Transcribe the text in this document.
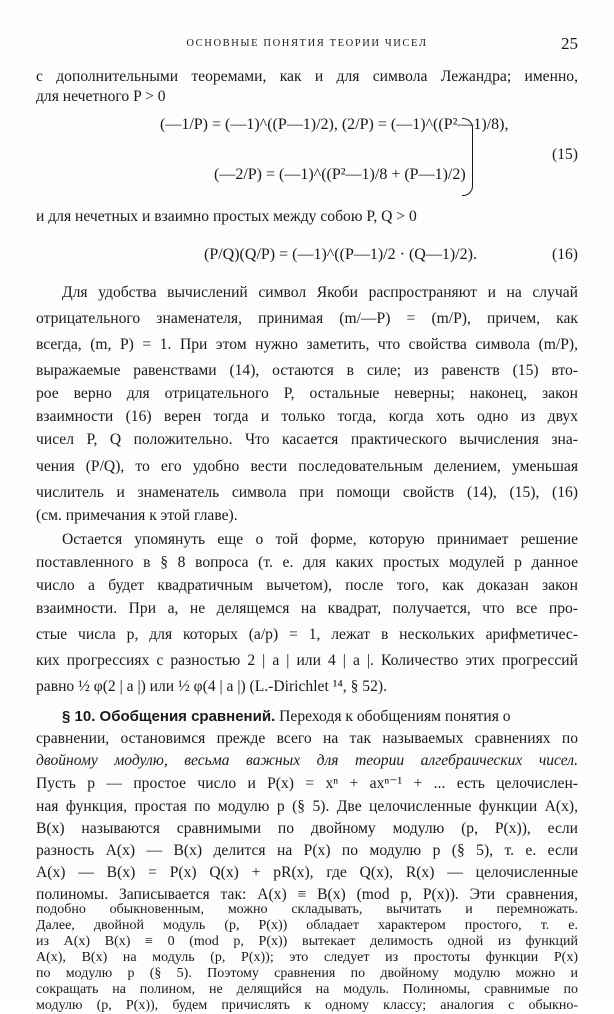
ОСНОВНЫЕ ПОНЯТИЯ ТЕОРИИ ЧИСЕЛ	25
с дополнительными теоремами, как и для символа Лежандра; именно,
для нечетного P > 0
(—1/P) = (—1)^((P—1)/2), (2/P) = (—1)^((P²—1)/8),
(—2/P) = (—1)^((P²—1)/8 + (P—1)/2)
(15)
и для нечетных и взаимно простых между собою P, Q > 0
(P/Q)(Q/P) = (—1)^((P—1)/2 · (Q—1)/2).	(16)
Для удобства вычислений символ Якоби распространяют и на случай
отрицательного знаменателя, принимая (m/—P) = (m/P), причем, как
всегда, (m, P) = 1. При этом нужно заметить, что свойства символа (m/P),
выражаемые равенствами (14), остаются в силе; из равенств (15) вто-
рое верно для отрицательного P, остальные неверны; наконец, закон
взаимности (16) верен тогда и только тогда, когда хоть одно из двух
чисел P, Q положительно. Что касается практического вычисления зна-
чения (P/Q), то его удобно вести последовательным делением, уменьшая
числитель и знаменатель символа при помощи свойств (14), (15), (16)
(см. примечания к этой главе).
Остается упомянуть еще о той форме, которую принимает решение
поставленного в § 8 вопроса (т. е. для каких простых модулей p данное
число a будет квадратичным вычетом), после того, как доказан закон
взаимности. При a, не делящемся на квадрат, получается, что все про-
стые числа p, для которых (a/p) = 1, лежат в нескольких арифметичес-
ких прогрессиях с разностью 2 | a | или 4 | a |. Количество этих прогрессий
равно ½ φ(2 | a |) или ½ φ(4 | a |) (L.-Dirichlet ¹⁴, § 52).
§ 10. Обобщения сравнений. Переходя к обобщениям понятия о
сравнении, остановимся прежде всего на так называемых сравнениях по
двойному модулю, весьма важных для теории алгебраических чисел.
Пусть p — простое число и P(x) = xⁿ + axⁿ⁻¹ + ... есть целочислен-
ная функция, простая по модулю p (§ 5). Две целочисленные функции A(x),
B(x) называются сравнимыми по двойному модулю (p, P(x)), если
разность A(x) — B(x) делится на P(x) по модулю p (§ 5), т. е. если
A(x) — B(x) = P(x) Q(x) + pR(x), где Q(x), R(x) — целочисленные
полиномы. Записывается так: A(x) ≡ B(x) (mod p, P(x)). Эти сравнения,
подобно обыкновенным, можно складывать, вычитать и перемножать.
Далее, двойной модуль (p, P(x)) обладает характером простого, т. е.
из A(x) B(x) ≡ 0 (mod p, P(x)) вытекает делимость одной из функций
A(x), B(x) на модуль (p, P(x)); это следует из простоты функции P(x)
по модулю p (§ 5). Поэтому сравнения по двойному модулю можно и
сокращать на полином, не делящийся на модуль. Полиномы, сравнимые по
модулю (p, P(x)), будем причислять к одному классу; аналогия с обыкно-
